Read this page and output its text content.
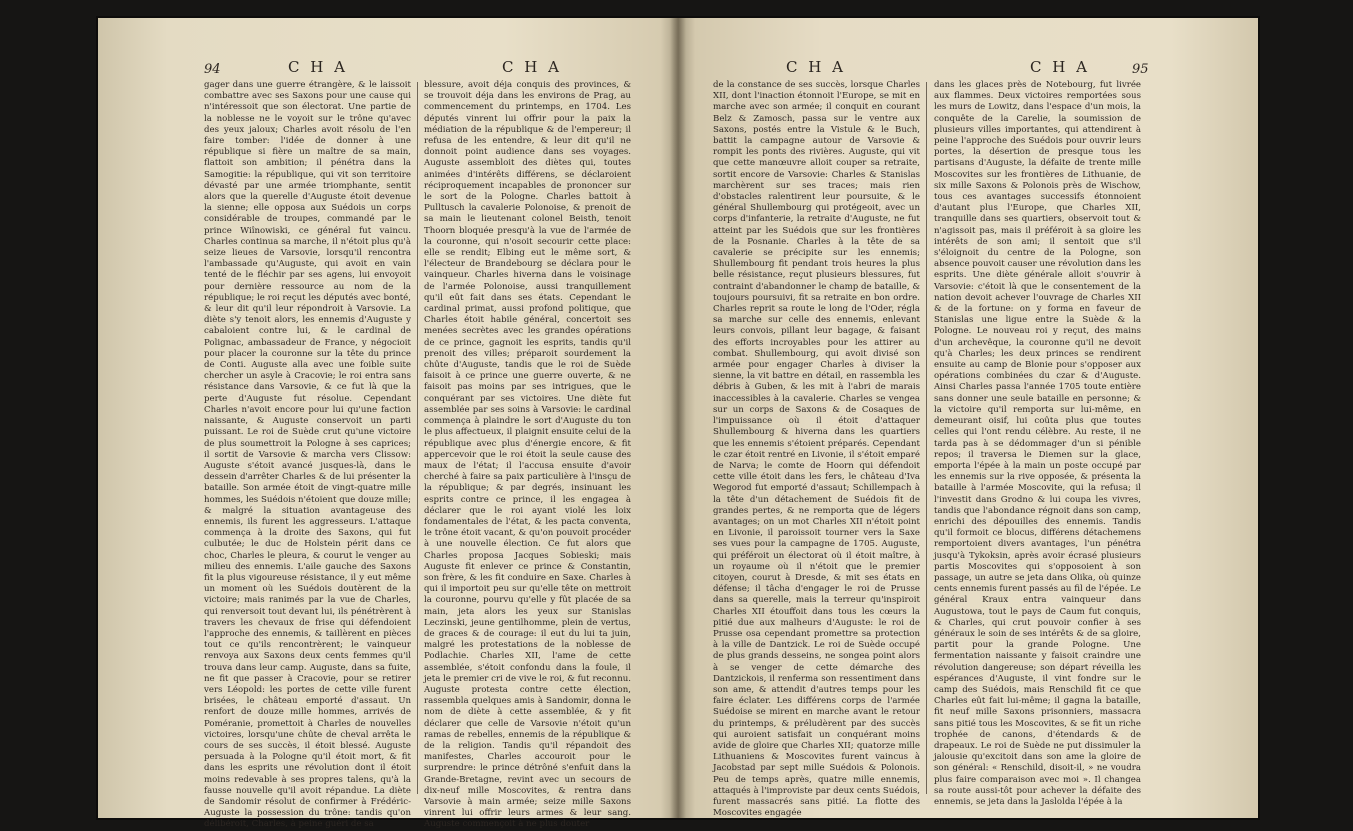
94	C H A	C H A
gager dans une guerre étrangère, & le laissoit combattre avec ses Saxons pour une cause qui n'intéressoit que son électorat. Une partie de la noblesse ne le voyoit sur le trône qu'avec des yeux jaloux; Charles avoit résolu de l'en faire tomber: l'idée de donner à une république si fière un maître de sa main, flattoit son ambition; il pénétra dans la Samogitie: la république, qui vit son territoire dévasté par une armée triomphante, sentit alors que la querelle d'Auguste étoit devenue la sienne; elle opposa aux Suédois un corps considérable de troupes, commandé par le prince Wiînowiski, ce général fut vaincu. Charles continua sa marche, il n'étoit plus qu'à seize lieues de Varsovie, lorsqu'il rencontra l'ambassade qu'Auguste, qui avoit en vain tenté de le fléchir par ses agens, lui envoyoit pour dernière ressource au nom de la république; le roi reçut les députés avec bonté, & leur dit qu'il leur répondroit à Varsovie. La diète s'y tenoit alors, les ennemis d'Auguste y cabaloient contre lui, & le cardinal de Polignac, ambassadeur de France, y négocioit pour placer la couronne sur la tête du prince de Conti. Auguste alla avec une foible suite chercher un asyle à Cracovie; le roi entra sans résistance dans Varsovie, & ce fut là que la perte d'Auguste fut résolue. Cependant Charles n'avoit encore pour lui qu'une faction naissante, & Auguste conservoit un parti puissant. Le roi de Suède crut qu'une victoire de plus soumettroit la Pologne à ses caprices; il sortit de Varsovie & marcha vers Clissow: Auguste s'étoit avancé jusques-là, dans le dessein d'arrêter Charles & de lui présenter la bataille. Son armée étoit de vingt-quatre mille hommes, les Suédois n'étoient que douze mille; & malgré la situation avantageuse des ennemis, ils furent les aggresseurs. L'attaque commença à la droite des Saxons, qui fut culbutée; le duc de Holstein périt dans ce choc, Charles le pleura, & courut le venger au milieu des ennemis. L'aile gauche des Saxons fit la plus vigoureuse résistance, il y eut même un moment où les Suédois doutèrent de la victoire; mais ranimés par la vue de Charles, qui renversoit tout devant lui, ils pénétrèrent à travers les chevaux de frise qui défendoient l'approche des ennemis, & taillèrent en pièces tout ce qu'ils rencontrèrent; le vainqueur renvoya aux Saxons deux cents femmes qu'il trouva dans leur camp. Auguste, dans sa fuite, ne fit que passer à Cracovie, pour se retirer vers Léopold: les portes de cette ville furent brisées, le château emporté d'assaut. Un renfort de douze mille hommes, arrivés de Poméranie, promettoit à Charles de nouvelles victoires, lorsqu'une chûte de cheval arrêta le cours de ses succès, il étoit blessé. Auguste persuada à la Pologne qu'il étoit mort, & fit dans les esprits une révolution dont il étoit moins redevable à ses propres talens, qu'à la fausse nouvelle qu'il avoit répandue. La diète de Sandomir résolut de confirmer à Frédéric-Auguste la possession du trône: tandis qu'on délibéroit, Charles, à peine guéri de sa
blessure, avoit déja conquis des provinces, & se trouvoit déja dans les environs de Prag, au commencement du printemps, en 1704. Les députés vinrent lui offrir pour la paix la médiation de la république & de l'empereur; il refusa de les entendre, & leur dit qu'il ne donnoit point audience dans ses voyages. Auguste assembloit des diètes qui, toutes animées d'intérêts différens, se déclaroient réciproquement incapables de prononcer sur le sort de la Pologne. Charles battoit à Pulltusch la cavalerie Polonoise, & prenoit de sa main le lieutenant colonel Beisth, tenoit Thoorn bloquée presqu'à la vue de l'armée de la couronne, qui n'osoit secourir cette place: elle se rendit; Elbing eut le même sort, & l'électeur de Brandebourg se déclara pour le vainqueur. Charles hiverna dans le voisinage de l'armée Polonoise, aussi tranquillement qu'il eût fait dans ses états. Cependant le cardinal primat, aussi profond politique, que Charles étoit habile général, concertoit ses menées secrètes avec les grandes opérations de ce prince, gagnoit les esprits, tandis qu'il prenoit des villes; préparoit sourdement la chûte d'Auguste, tandis que le roi de Suède faisoit à ce prince une guerre ouverte, & ne faisoit pas moins par ses intrigues, que le conquérant par ses victoires. Une diète fut assemblée par ses soins à Varsovie: le cardinal commença à plaindre le sort d'Auguste du ton le plus affectueux, il plaignit ensuite celui de la république avec plus d'énergie encore, & fit appercevoir que le roi étoit la seule cause des maux de l'état; il l'accusa ensuite d'avoir cherché à faire sa paix particulière à l'insçu de la république; & par degrés, insinuant les esprits contre ce prince, il les engagea à déclarer que le roi ayant violé les loix fondamentales de l'état, & les pacta conventa, le trône étoit vacant, & qu'on pouvoit procéder à une nouvelle élection. Ce fut alors que Charles proposa Jacques Sobieski; mais Auguste fit enlever ce prince & Constantin, son frère, & les fit conduire en Saxe. Charles à qui il importoit peu sur qu'elle tête on mettroit la couronne, pourvu qu'elle y fût placée de sa main, jeta alors les yeux sur Stanislas Leczinski, jeune gentilhomme, plein de vertus, de graces & de courage: il eut du lui ta juin, malgré les protestations de la noblesse de Podlachie. Charles XII, l'ame de cette assemblée, s'étoit confondu dans la foule, il jeta le premier cri de vive le roi, & fut reconnu. Auguste protesta contre cette élection, rassembla quelques amis à Sandomir, donna le nom de diète à cette assemblée, & y fit déclarer que celle de Varsovie n'étoit qu'un ramas de rebelles, ennemis de la république & de la religion. Tandis qu'il répandoit des manifestes, Charles accouroit pour le surprendre: le prince détrôné s'enfuit dans la Grande-Bretagne, revint avec un secours de dix-neuf mille Moscovites, & rentra dans Varsovie à main armée; seize mille Saxons vinrent lui offrir leurs armes & leur sang. Auguste commençoit à ne plus douter
C H A	C H A	95
de la constance de ses succès, lorsque Charles XII, dont l'inaction étonnoit l'Europe, se mit en marche avec son armée; il conquit en courant Belz & Zamosch, passa sur le ventre aux Saxons, postés entre la Vistule & le Buch, battit la campagne autour de Varsovie & rompit les ponts des rivières. Auguste, qui vit que cette manœuvre alloit couper sa retraite, sortit encore de Varsovie: Charles & Stanislas marchèrent sur ses traces; mais rien d'obstacles ralentirent leur poursuite, & le général Shullembourg qui protégeoit, avec un corps d'infanterie, la retraite d'Auguste, ne fut atteint par les Suédois que sur les frontières de la Posnanie. Charles à la tête de sa cavalerie se précipite sur les ennemis; Shullembourg fit pendant trois heures la plus belle résistance, reçut plusieurs blessures, fut contraint d'abandonner le champ de bataille, & toujours poursuivi, fit sa retraite en bon ordre. Charles reprit sa route le long de l'Oder, régla sa marche sur celle des ennemis, enlevant leurs convois, pillant leur bagage, & faisant des efforts incroyables pour les attirer au combat. Shullembourg, qui avoit divisé son armée pour engager Charles à diviser la sienne, la vit battre en détail, en rassembla les débris à Guben, & les mit à l'abri de marais inaccessibles à la cavalerie. Charles se vengea sur un corps de Saxons & de Cosaques de l'impuissance où il étoit d'attaquer Shullembourg & hiverna dans les quartiers que les ennemis s'étoient préparés. Cependant le czar étoit rentré en Livonie, il s'étoit emparé de Narva; le comte de Hoorn qui défendoit cette ville étoit dans les fers, le château d'Iva Wegorod fut emporté d'assaut; Schillempach à la tête d'un détachement de Suédois fit de grandes pertes, & ne remporta que de légers avantages; on un mot Charles XII n'étoit point en Livonie, il paroissoit tourner vers la Saxe ses vues pour la campagne de 1705. Auguste, qui préféroit un électorat où il étoit maître, à un royaume où il n'étoit que le premier citoyen, courut à Dresde, & mit ses états en défense; il tâcha d'engager le roi de Prusse dans sa querelle, mais la terreur qu'inspiroit Charles XII étouffoit dans tous les cœurs la pitié due aux malheurs d'Auguste: le roi de Prusse osa cependant promettre sa protection à la ville de Dantzick. Le roi de Suède occupé de plus grands desseins, ne songea point alors à se venger de cette démarche des Dantzickois, il renferma son ressentiment dans son ame, & attendit d'autres temps pour les faire éclater. Les différens corps de l'armée Suédoise se mirent en marche avant le retour du printemps, & préludèrent par des succès qui auroient satisfait un conquérant moins avide de gloire que Charles XII; quatorze mille Lithuaniens & Moscovites furent vaincus à Jacobstad par sept mille Suédois & Polonois. Peu de temps après, quatre mille ennemis, attaqués à l'improviste par deux cents Suédois, furent massacrés sans pitié. La flotte des Moscovites engagée
dans les glaces près de Notebourg, fut livrée aux flammes. Deux victoires remportées sous les murs de Lowitz, dans l'espace d'un mois, la conquête de la Carelie, la soumission de plusieurs villes importantes, qui attendirent à peine l'approche des Suédois pour ouvrir leurs portes, la désertion de presque tous les partisans d'Auguste, la défaite de trente mille Moscovites sur les frontières de Lithuanie, de six mille Saxons & Polonois près de Wischow, tous ces avantages successifs étonnoient d'autant plus l'Europe, que Charles XII, tranquille dans ses quartiers, observoit tout & n'agissoit pas, mais il préféroit à sa gloire les intérêts de son ami; il sentoit que s'il s'éloignoit du centre de la Pologne, son absence pouvoit causer une révolution dans les esprits. Une diète générale alloit s'ouvrir à Varsovie: c'étoit là que le consentement de la nation devoit achever l'ouvrage de Charles XII & de la fortune: on y forma en faveur de Stanislas une ligue entre la Suède & la Pologne. Le nouveau roi y reçut, des mains d'un archevêque, la couronne qu'il ne devoit qu'à Charles; les deux princes se rendirent ensuite au camp de Blonie pour s'opposer aux opérations combinées du czar & d'Auguste. Ainsi Charles passa l'année 1705 toute entière sans donner une seule bataille en personne; & la victoire qu'il remporta sur lui-même, en demeurant oisif, lui coûta plus que toutes celles qui l'ont rendu célèbre. Au reste, il ne tarda pas à se dédommager d'un si pénible repos; il traversa le Diemen sur la glace, emporta l'épée à la main un poste occupé par les ennemis sur la rive opposée, & présenta la bataille à l'armée Moscovite, qui la refusa; il l'investit dans Grodno & lui coupa les vivres, tandis que l'abondance régnoit dans son camp, enrichi des dépouilles des ennemis. Tandis qu'il formoit ce blocus, différens détachemens remportoient divers avantages, l'un pénétra jusqu'à Tykoksin, après avoir écrasé plusieurs partis Moscovites qui s'opposoient à son passage, un autre se jeta dans Olika, où quinze cents ennemis furent passés au fil de l'épée. Le général Kraux entra vainqueur dans Augustowa, tout le pays de Caum fut conquis, & Charles, qui crut pouvoir confier à ses généraux le soin de ses intérêts & de sa gloire, partit pour la grande Pologne. Une fermentation naissante y faisoit craindre une révolution dangereuse; son départ réveilla les espérances d'Auguste, il vint fondre sur le camp des Suédois, mais Renschild fit ce que Charles eût fait lui-même; il gagna la bataille, fit neuf mille Saxons prisonniers, massacra sans pitié tous les Moscovites, & se fit un riche trophée de canons, d'étendards & de drapeaux. Le roi de Suède ne put dissimuler la jalousie qu'excitoit dans son ame la gloire de son général: « Renschild, disoit-il, » ne voudra plus faire comparaison avec moi ». Il changea sa route aussi-tôt pour achever la défaite des ennemis, se jeta dans la Jaslolda l'épée à la
